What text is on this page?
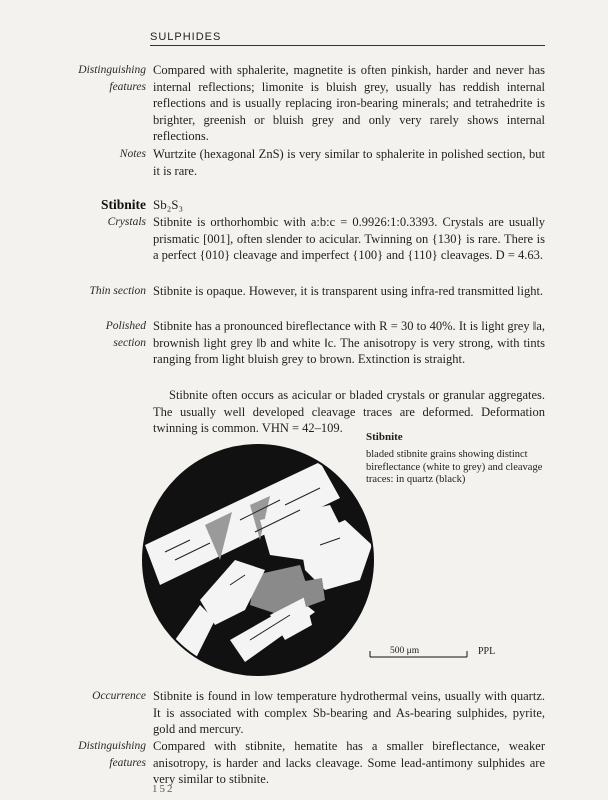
SULPHIDES
Distinguishing
features
Compared with sphalerite, magnetite is often pinkish, harder and never has internal reflections; limonite is bluish grey, usually has reddish internal reflections and is usually replacing iron-bearing minerals; and tetrahedrite is brighter, greenish or bluish grey and only very rarely shows internal reflections.
Notes Wurtzite (hexagonal ZnS) is very similar to sphalerite in polished section, but it is rare.
Stibnite Sb₂S₃
Crystals Stibnite is orthorhombic with a:b:c = 0.9926:1:0.3393. Crystals are usually prismatic [001], often slender to acicular. Twinning on {130} is rare. There is a perfect {010} cleavage and imperfect {100} and {110} cleavages. D = 4.63.
Thin section Stibnite is opaque. However, it is transparent using infra-red transmitted light.
Polished
section
Stibnite has a pronounced bireflectance with R = 30 to 40%. It is light grey ‖a, brownish light grey ‖b and white ‖c. The anisotropy is very strong, with tints ranging from light bluish grey to brown. Extinction is straight.
Stibnite often occurs as acicular or bladed crystals or granular aggregates. The usually well developed cleavage traces are deformed. Deformation twinning is common. VHN = 42–109.
Stibnite
bladed stibnite grains showing distinct bireflectance (white to grey) and cleavage traces: in quartz (black)
500 μm	PPL
Occurrence Stibnite is found in low temperature hydrothermal veins, usually with quartz. It is associated with complex Sb-bearing and As-bearing sulphides, pyrite, gold and mercury.
Distinguishing
features
Compared with stibnite, hematite has a smaller bireflectance, weaker anisotropy, is harder and lacks cleavage. Some lead-antimony sulphides are very similar to stibnite.
152
